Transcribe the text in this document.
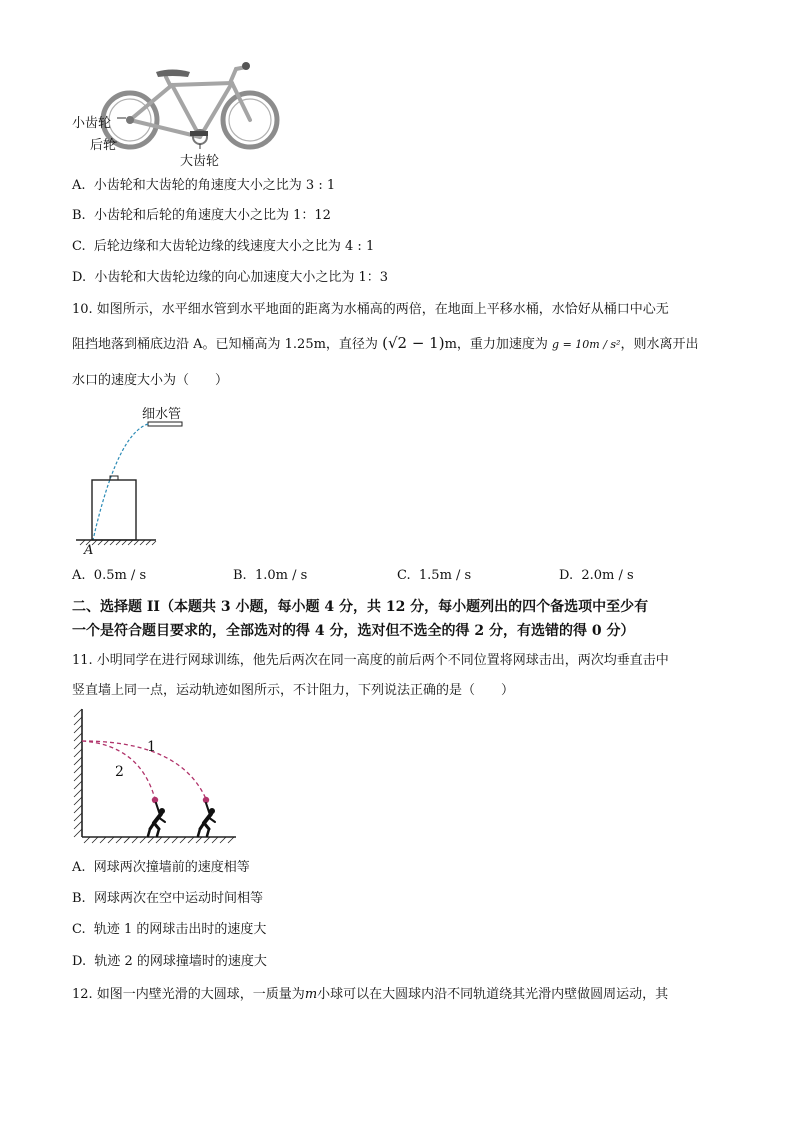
小齿轮
后轮
大齿轮
A. 小齿轮和大齿轮的角速度大小之比为 3 : 1
B. 小齿轮和后轮的角速度大小之比为 1：12
C. 后轮边缘和大齿轮边缘的线速度大小之比为 4 : 1
D. 小齿轮和大齿轮边缘的向心加速度大小之比为 1：3
10. 如图所示，水平细水管到水平地面的距离为水桶高的两倍，在地面上平移水桶，水恰好从桶口中心无
阻挡地落到桶底边沿 A。已知桶高为 1.25m，直径为 (√2 − 1)m，重力加速度为 g = 10m / s²，则水离开出
水口的速度大小为（　　）
细水管
A
A. 0.5m / s	B. 1.0m / s	C. 1.5m / s	D. 2.0m / s
二、选择题 II（本题共 3 小题，每小题 4 分，共 12 分，每小题列出的四个备选项中至少有
一个是符合题目要求的，全部选对的得 4 分，选对但不选全的得 2 分，有选错的得 0 分）
11. 小明同学在进行网球训练，他先后两次在同一高度的前后两个不同位置将网球击出，两次均垂直击中
竖直墙上同一点，运动轨迹如图所示，不计阻力，下列说法正确的是（　　）
1
2
A. 网球两次撞墙前的速度相等
B. 网球两次在空中运动时间相等
C. 轨迹 1 的网球击出时的速度大
D. 轨迹 2 的网球撞墙时的速度大
12. 如图一内壁光滑的大圆球，一质量为m小球可以在大圆球内沿不同轨道绕其光滑内壁做圆周运动，其
